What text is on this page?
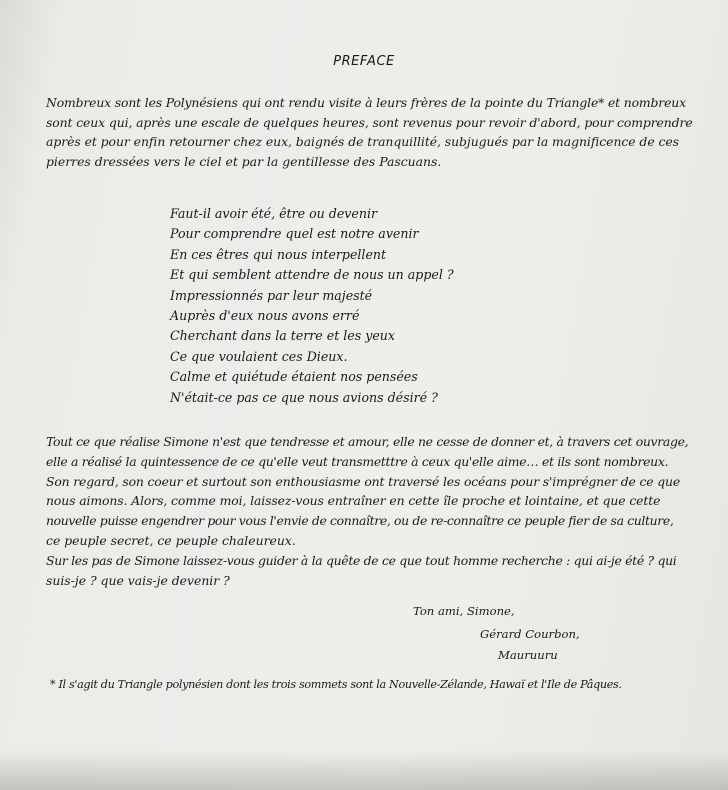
PREFACE
Nombreux sont les Polynésiens qui ont rendu visite à leurs frères de la pointe du Triangle* et nombreux
sont ceux qui, après une escale de quelques heures, sont revenus pour revoir d'abord, pour comprendre
après et pour enfin retourner chez eux, baignés de tranquillité, subjugués par la magnificence de ces
pierres dressées vers le ciel et par la gentillesse des Pascuans.
Faut-il avoir été, être ou devenir
Pour comprendre quel est notre avenir
En ces êtres qui nous interpellent
Et qui semblent attendre de nous un appel ?
Impressionnés par leur majesté
Auprès d'eux nous avons erré
Cherchant dans la terre et les yeux
Ce que voulaient ces Dieux.
Calme et quiétude étaient nos pensées
N'était-ce pas ce que nous avions désiré ?
Tout ce que réalise Simone n'est que tendresse et amour, elle ne cesse de donner et, à travers cet ouvrage,
elle a réalisé la quintessence de ce qu'elle veut transmetttre à ceux qu'elle aime… et ils sont nombreux.
Son regard, son coeur et surtout son enthousiasme ont traversé les océans pour s'imprégner de ce que
nous aimons. Alors, comme moi, laissez-vous entraîner en cette île proche et lointaine, et que cette
nouvelle puisse engendrer pour vous l'envie de connaître, ou de re-connaître ce peuple fier de sa culture,
ce peuple secret, ce peuple chaleureux.
Sur les pas de Simone laissez-vous guider à la quête de ce que tout homme recherche : qui ai-je été ? qui
suis-je ? que vais-je devenir ?
Ton ami, Simone,
Gérard Courbon,
Mauruuru
* Il s'agit du Triangle polynésien dont les trois sommets sont la Nouvelle-Zélande, Hawaï et l'Ile de Pâques.
